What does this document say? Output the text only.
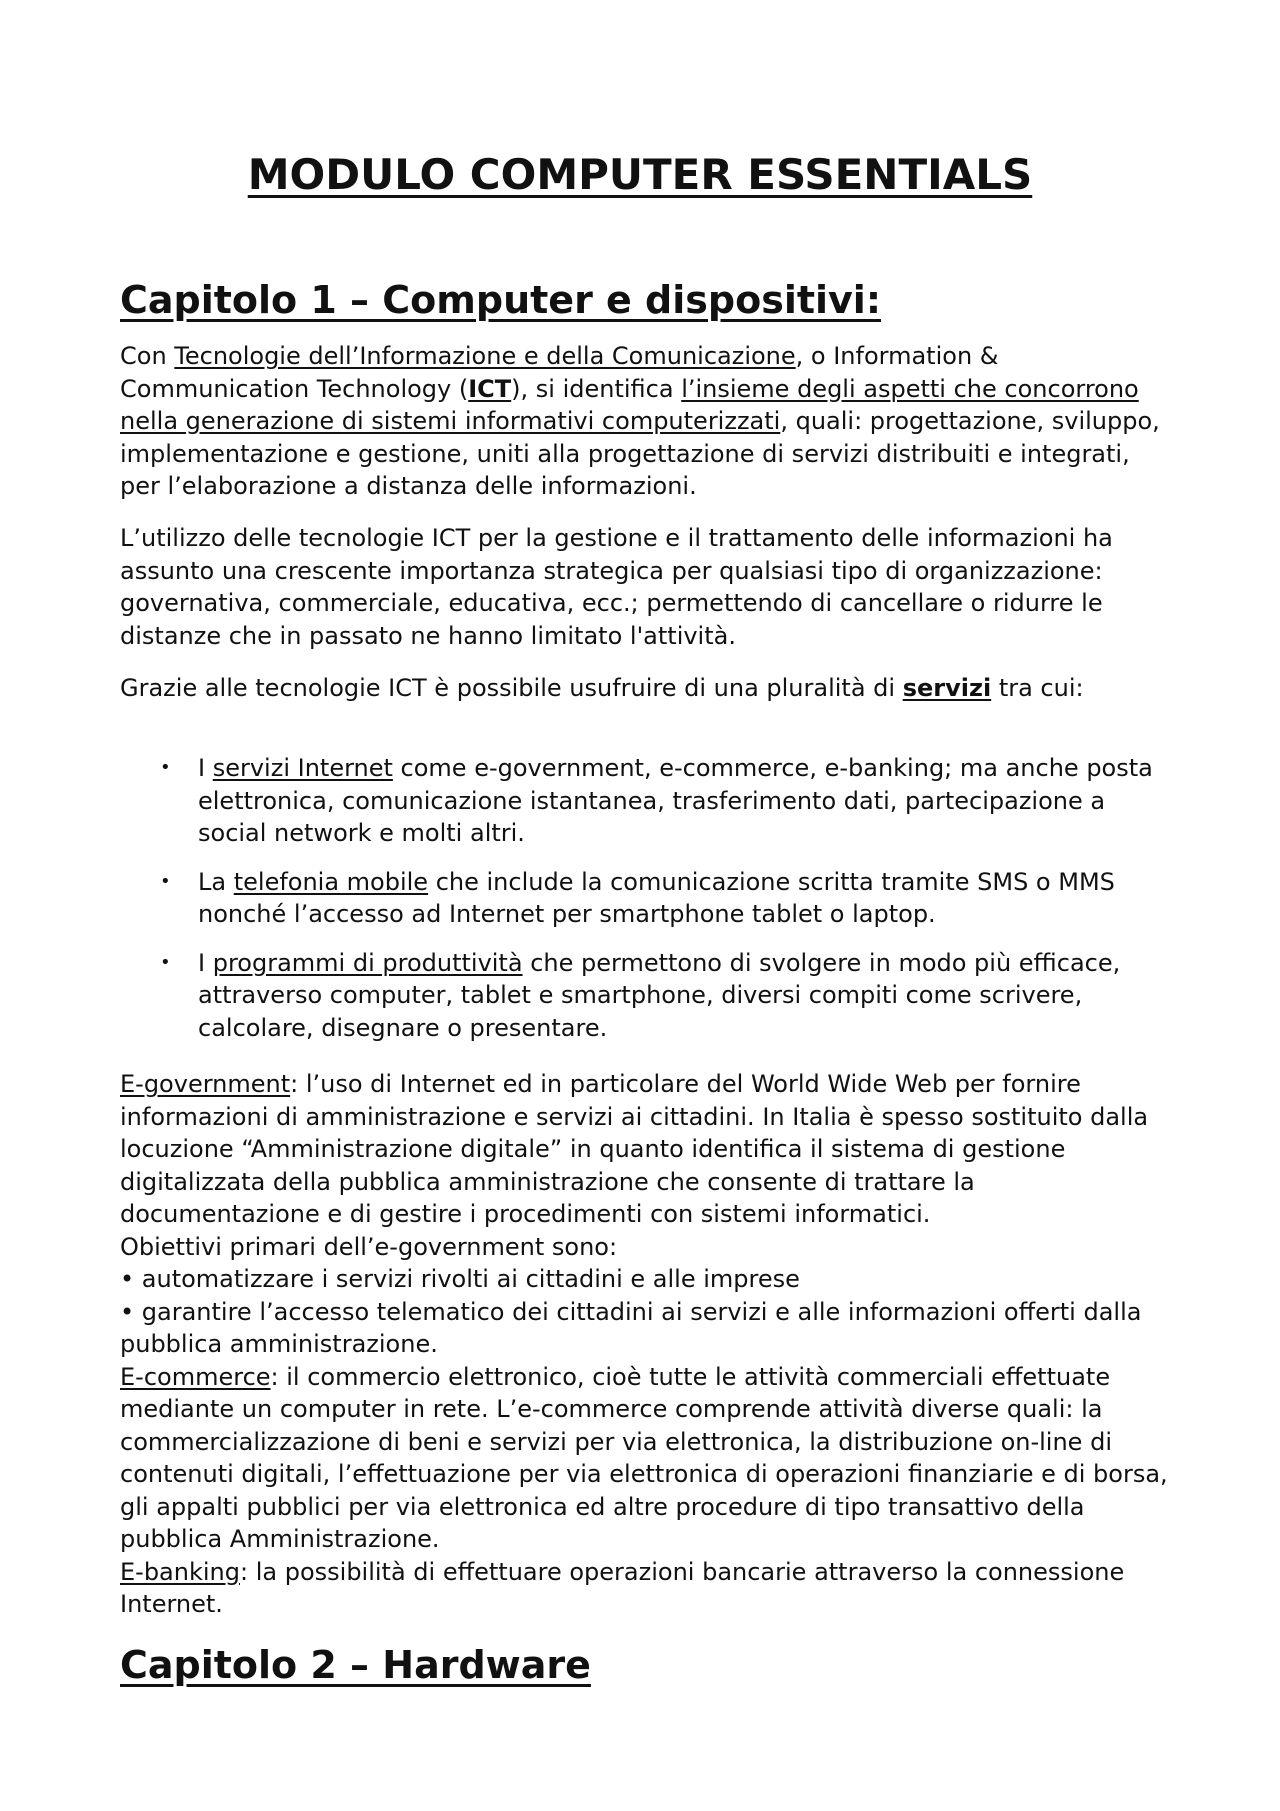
MODULO COMPUTER ESSENTIALS
Capitolo 1 – Computer e dispositivi:

Con Tecnologie dell’Informazione e della Comunicazione, o Information & Communication Technology (ICT), si identifica l’insieme degli aspetti che concorrono nella generazione di sistemi informativi computerizzati, quali: progettazione, sviluppo, implementazione e gestione, uniti alla progettazione di servizi distribuiti e integrati, per l’elaborazione a distanza delle informazioni.

L’utilizzo delle tecnologie ICT per la gestione e il trattamento delle informazioni ha assunto una crescente importanza strategica per qualsiasi tipo di organizzazione: governativa, commerciale, educativa, ecc.; permettendo di cancellare o ridurre le distanze che in passato ne hanno limitato l'attività.

Grazie alle tecnologie ICT è possibile usufruire di una pluralità di servizi tra cui:

• I servizi Internet come e-government, e-commerce, e-banking; ma anche posta elettronica, comunicazione istantanea, trasferimento dati, partecipazione a social network e molti altri.
• La telefonia mobile che include la comunicazione scritta tramite SMS o MMS nonché l’accesso ad Internet per smartphone tablet o laptop.
• I programmi di produttività che permettono di svolgere in modo più efficace, attraverso computer, tablet e smartphone, diversi compiti come scrivere, calcolare, disegnare o presentare.
E-government: l’uso di Internet ed in particolare del World Wide Web per fornire informazioni di amministrazione e servizi ai cittadini. In Italia è spesso sostituito dalla locuzione “Amministrazione digitale” in quanto identifica il sistema di gestione digitalizzata della pubblica amministrazione che consente di trattare la documentazione e di gestire i procedimenti con sistemi informatici.
Obiettivi primari dell’e-government sono:
• automatizzare i servizi rivolti ai cittadini e alle imprese
• garantire l’accesso telematico dei cittadini ai servizi e alle informazioni offerti dalla pubblica amministrazione.
E-commerce: il commercio elettronico, cioè tutte le attività commerciali effettuate mediante un computer in rete. L’e-commerce comprende attività diverse quali: la commercializzazione di beni e servizi per via elettronica, la distribuzione on-line di contenuti digitali, l’effettuazione per via elettronica di operazioni finanziarie e di borsa, gli appalti pubblici per via elettronica ed altre procedure di tipo transattivo della pubblica Amministrazione.
E-banking: la possibilità di effettuare operazioni bancarie attraverso la connessione Internet.
Capitolo 2 – Hardware
